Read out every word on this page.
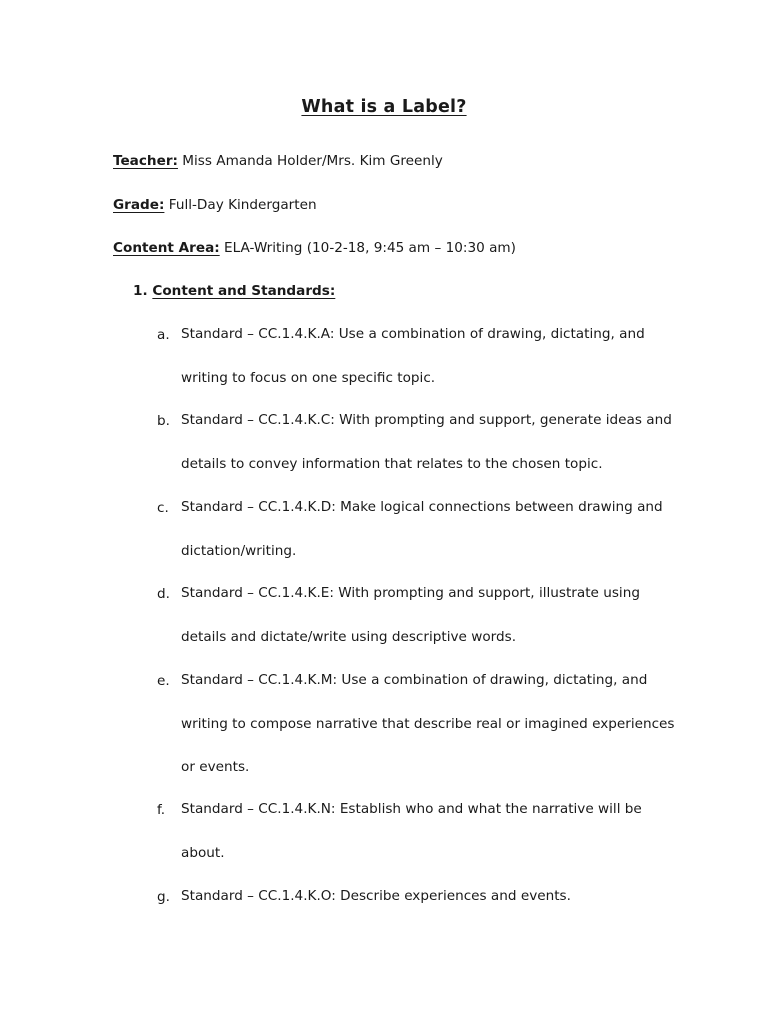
What is a Label?
Teacher: Miss Amanda Holder/Mrs. Kim Greenly
Grade: Full-Day Kindergarten
Content Area: ELA-Writing (10-2-18, 9:45 am – 10:30 am)
1. Content and Standards:
a. Standard – CC.1.4.K.A: Use a combination of drawing, dictating, and writing to focus on one specific topic.
b. Standard – CC.1.4.K.C: With prompting and support, generate ideas and details to convey information that relates to the chosen topic.
c. Standard – CC.1.4.K.D: Make logical connections between drawing and dictation/writing.
d. Standard – CC.1.4.K.E: With prompting and support, illustrate using details and dictate/write using descriptive words.
e. Standard – CC.1.4.K.M: Use a combination of drawing, dictating, and writing to compose narrative that describe real or imagined experiences or events.
f. Standard – CC.1.4.K.N: Establish who and what the narrative will be about.
g. Standard – CC.1.4.K.O: Describe experiences and events.
